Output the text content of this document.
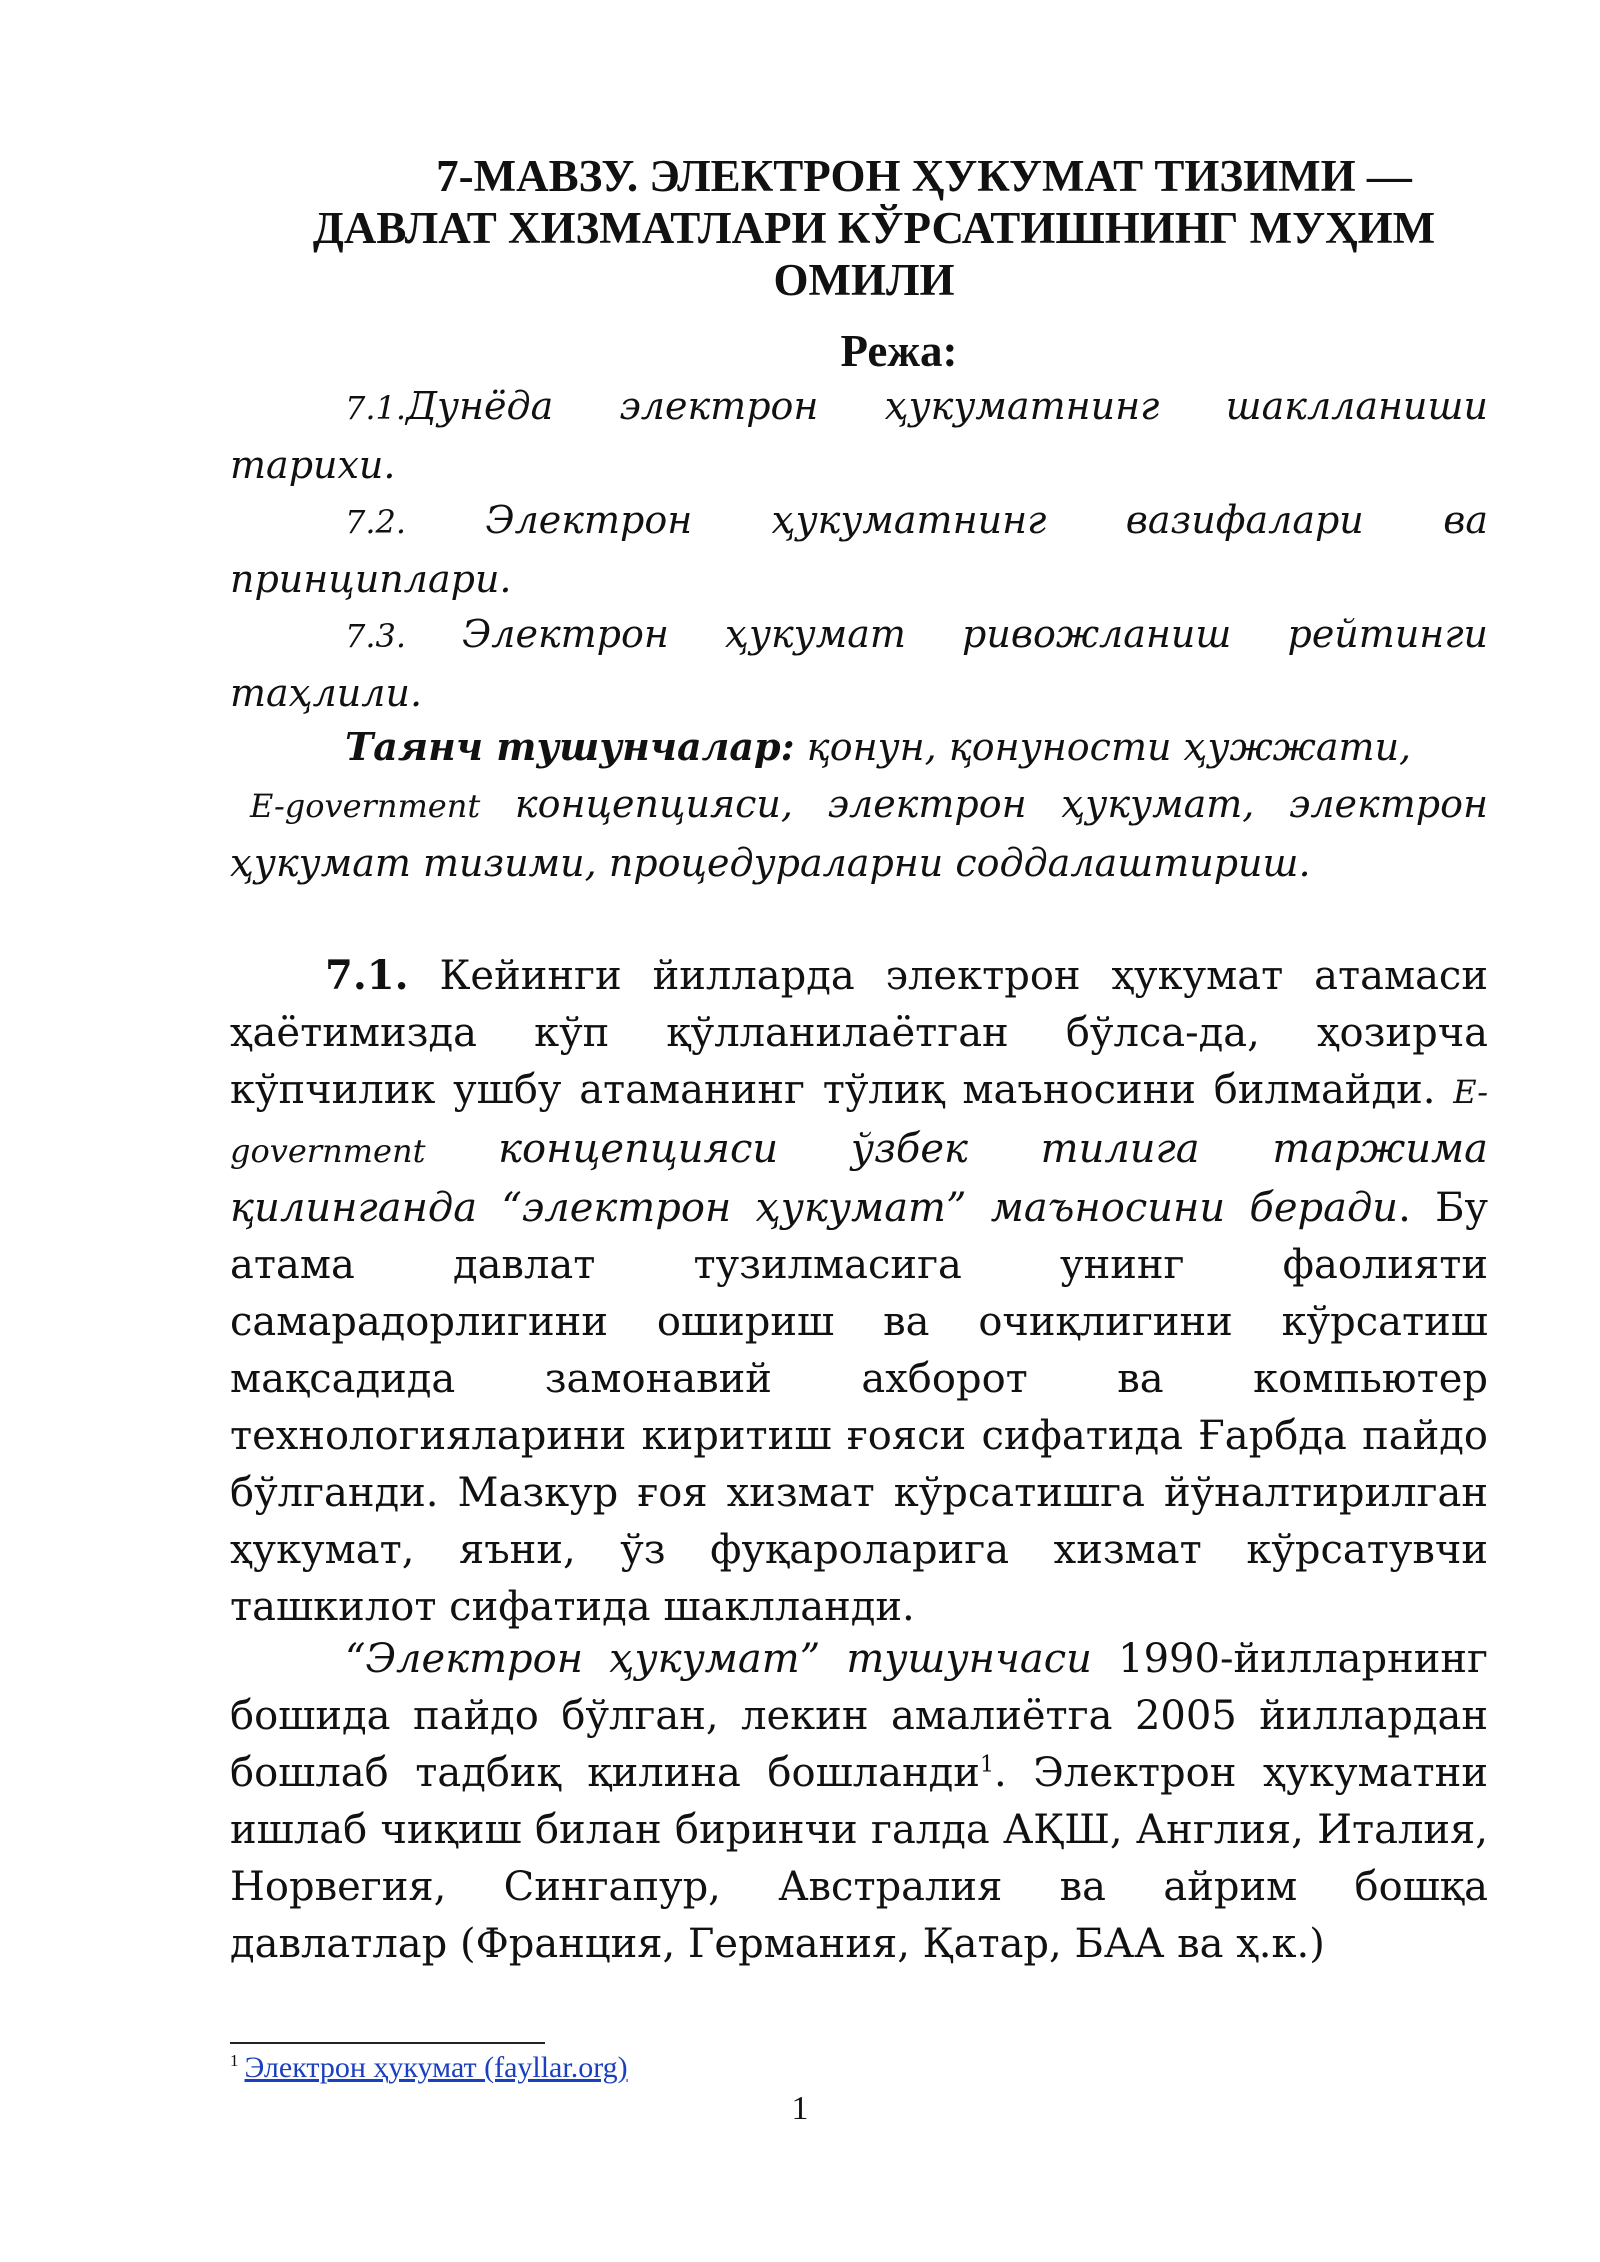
7-МАВЗУ. ЭЛЕКТРОН ҲУКУМАТ ТИЗИМИ —
ДАВЛАТ ХИЗМАТЛАРИ КЎРСАТИШНИНГ МУҲИМ
ОМИЛИ
Режа:
7.1.Дунёда электрон ҳукуматнинг шаклланиши
тарихи.
7.2. Электрон ҳукуматнинг вазифалари ва
принциплари.
7.3. Электрон ҳукумат ривожланиш рейтинги
таҳлили.
Таянч тушунчалар: қонун, қонуности ҳужжати,
E-government концепцияси, электрон ҳукумат, электрон
ҳукумат тизими, процедураларни соддалаштириш.
7.1. Кейинги йилларда электрон ҳукумат атамаси ҳаётимизда кўп қўлланилаётган бўлса-да, ҳозирча кўпчилик ушбу атаманинг тўлиқ маъносини билмайди. E-government концепцияси ўзбек тилига таржима қилинганда “электрон ҳукумат” маъносини беради. Бу атама давлат тузилмасига унинг фаолияти самарадорлигини ошириш ва очиқлигини кўрсатиш мақсадида замонавий ахборот ва компьютер технологияларини киритиш ғояси сифатида Ғарбда пайдо бўлганди. Мазкур ғоя хизмат кўрсатишга йўналтирилган ҳукумат, яъни, ўз фуқароларига хизмат кўрсатувчи ташкилот сифатида шаклланди.
“Электрон ҳукумат” тушунчаси 1990-йилларнинг бошида пайдо бўлган, лекин амалиётга 2005 йиллардан бошлаб тадбиқ қилина бошланди$^1$. Электрон ҳукуматни ишлаб чиқиш билан биринчи галда АҚШ, Англия, Италия, Норвегия, Сингапур, Австралия ва айрим бошқа давлатлар (Франция, Германия, Қатар, БАА ва ҳ.к.)
$^1$ Электрон ҳукумат (fayllar.org)
1
